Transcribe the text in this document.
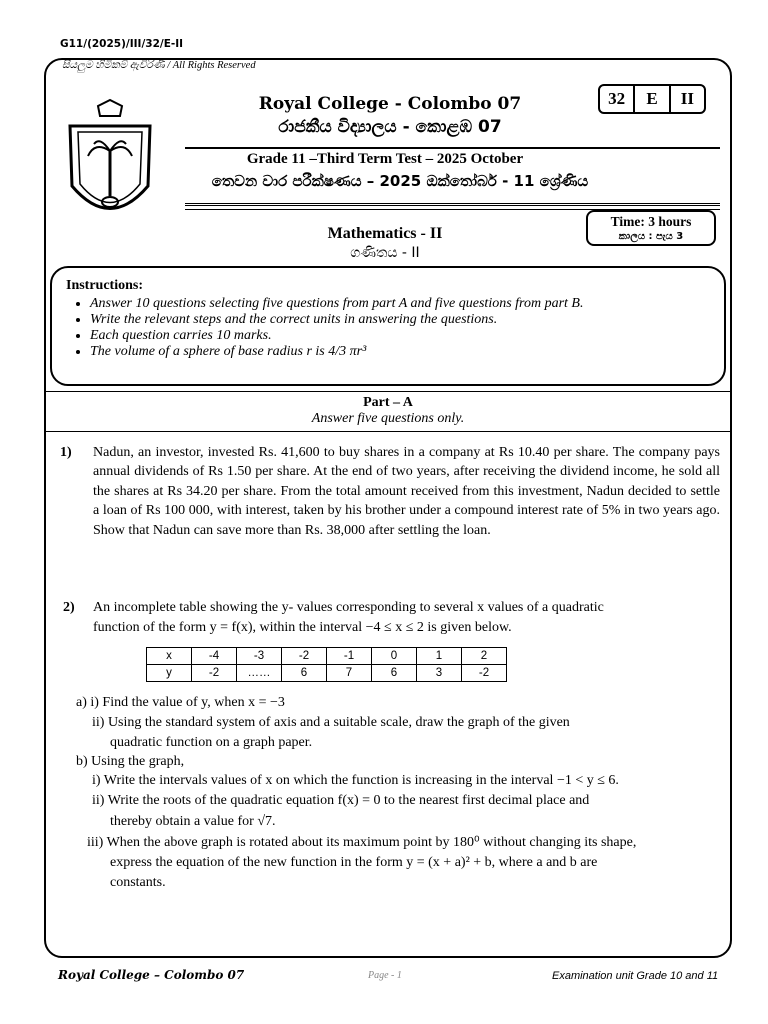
G11/(2025)/III/32/E-II
සියලුම හිමිකම් ඇවිරිණි / All Rights Reserved
Royal College - Colombo 07
රාජකීය විද්‍යාලය - කොළඹ 07
32	E	II
Grade 11 –Third Term Test – 2025 October
තෙවන වාර පරීක්ෂණය – 2025 ඔක්තෝබර් - 11 ශ්‍රේණිය
Time: 3 hours
කාලය : පැය 3
Mathematics - II
ගණිතය - II
Instructions:
• Answer 10 questions selecting five questions from part A and five questions from part B.
• Write the relevant steps and the correct units in answering the questions.
• Each question carries 10 marks.
• The volume of a sphere of base radius r is 4/3 πr³
Part – A
Answer five questions only.
1) Nadun, an investor, invested Rs. 41,600 to buy shares in a company at Rs 10.40 per share. The company pays annual dividends of Rs 1.50 per share. At the end of two years, after receiving the dividend income, he sold all the shares at Rs 34.20 per share. From the total amount received from this investment, Nadun decided to settle a loan of Rs 100 000, with interest, taken by his brother under a compound interest rate of 5% in two years ago. Show that Nadun can save more than Rs. 38,000 after settling the loan.
2) An incomplete table showing the y- values corresponding to several x values of a quadratic
function of the form y = f(x), within the interval −4 ≤ x ≤ 2 is given below.
x	-4	-3	-2	-1	0	1	2
y	-2	……	6	7	6	3	-2
a) i) Find the value of y, when x = −3
ii) Using the standard system of axis and a suitable scale, draw the graph of the given
quadratic function on a graph paper.
b) Using the graph,
i) Write the intervals values of x on which the function is increasing in the interval −1 < y ≤ 6.
ii) Write the roots of the quadratic equation f(x) = 0 to the nearest first decimal place and
thereby obtain a value for √7.
iii) When the above graph is rotated about its maximum point by 180⁰ without changing its shape,
express the equation of the new function in the form y = (x + a)² + b, where a and b are
constants.
Royal College – Colombo 07	Page - 1	Examination unit Grade 10 and 11
